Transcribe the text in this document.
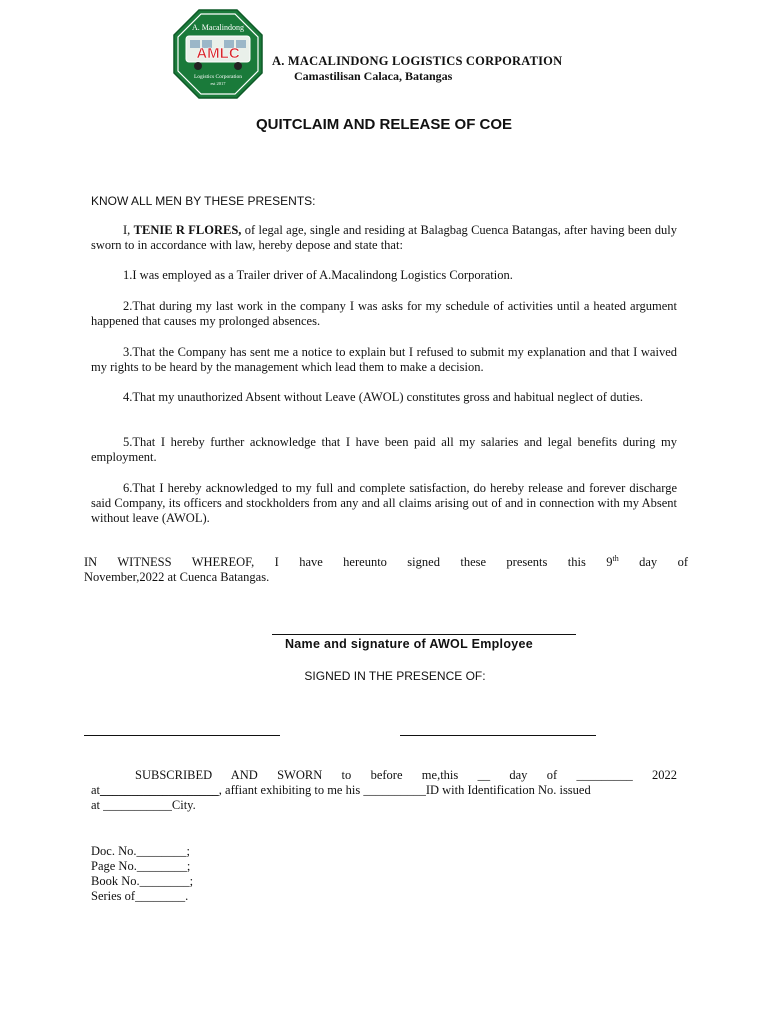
A. Macalindong
AMLC
Logistics Corporation
est 2017
A. MACALINDONG LOGISTICS CORPORATION
Camastilisan Calaca, Batangas
QUITCLAIM AND RELEASE OF COE
KNOW ALL MEN BY THESE PRESENTS:
I, TENIE R FLORES, of legal age, single and residing at Balagbag Cuenca Batangas, after having been duly sworn to in accordance with law, hereby depose and state that:
1.I was employed as a Trailer driver of A.Macalindong Logistics Corporation.
2.That during my last work in the company I was asks for my schedule of activities until a heated argument happened that causes my prolonged absences.
3.That the Company has sent me a notice to explain but I refused to submit my explanation and that I waived my rights to be heard by the management which lead them to make a decision.
4.That my unauthorized Absent without Leave (AWOL) constitutes gross and habitual neglect of duties.
5.That I hereby further acknowledge that I have been paid all my salaries and legal benefits during my employment.
6.That I hereby acknowledged to my full and complete satisfaction, do hereby release and forever discharge said Company, its officers and stockholders from any and all claims arising out of and in connection with my Absent without leave (AWOL).
IN WITNESS WHEREOF, I have hereunto signed these presents this 9th day of
November,2022 at Cuenca Batangas.
Name and signature of AWOL Employee
SIGNED IN THE PRESENCE OF:
SUBSCRIBED AND SWORN to before me,this __ day of _________ 2022
at___________________, affiant exhibiting to me his __________ID with Identification No. issued
at ___________City.
Doc. No.________;
Page No.________;
Book No.________;
Series of________.
